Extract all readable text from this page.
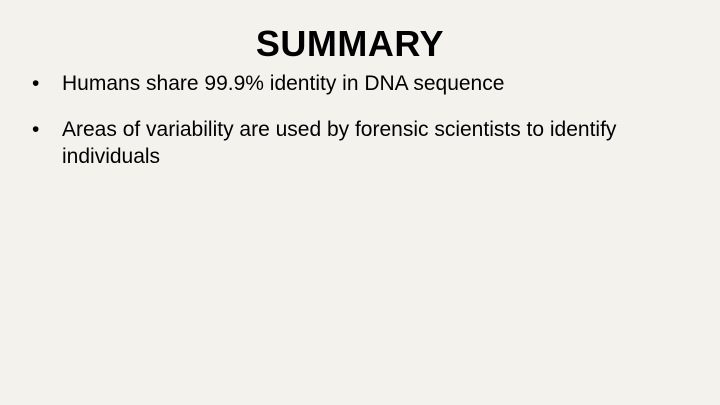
SUMMARY
•	Humans share 99.9% identity in DNA sequence
•	Areas of variability are used by forensic scientists to identify individuals
